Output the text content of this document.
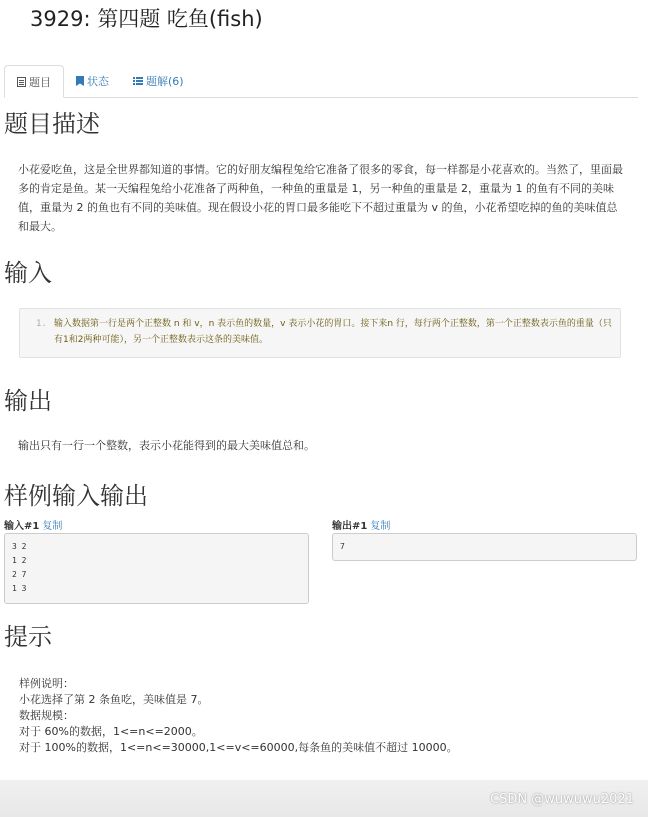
3929: 第四题 吃鱼(fish)
题目	状态	题解(6)
题目描述

小花爱吃鱼，这是全世界都知道的事情。它的好朋友编程兔给它准备了很多的零食，每一样都是小花喜欢的。当然了，里面最多的肯定是鱼。某一天编程兔给小花准备了两种鱼，一种鱼的重量是 1，另一种鱼的重量是 2，重量为 1 的鱼有不同的美味值，重量为 2 的鱼也有不同的美味值。现在假设小花的胃口最多能吃下不超过重量为 v 的鱼，小花希望吃掉的鱼的美味值总和最大。

输入
1. 输入数据第一行是两个正整数 n 和 v，n 表示鱼的数量，v 表示小花的胃口。接下来n 行，每行两个正整数，第一个正整数表示鱼的重量（只有1和2两种可能），另一个正整数表示这条的美味值。

输出

输出只有一行一个整数，表示小花能得到的最大美味值总和。

样例输入输出
输入#1 复制
3 2
1 2
2 7
1 3
输出#1 复制
7
提示

样例说明：

小花选择了第 2 条鱼吃，美味值是 7。

数据规模：

对于 60%的数据，1<=n<=2000。

对于 100%的数据，1<=n<=30000,1<=v<=60000,每条鱼的美味值不超过 10000。

CSDN @wuwuwu2021
